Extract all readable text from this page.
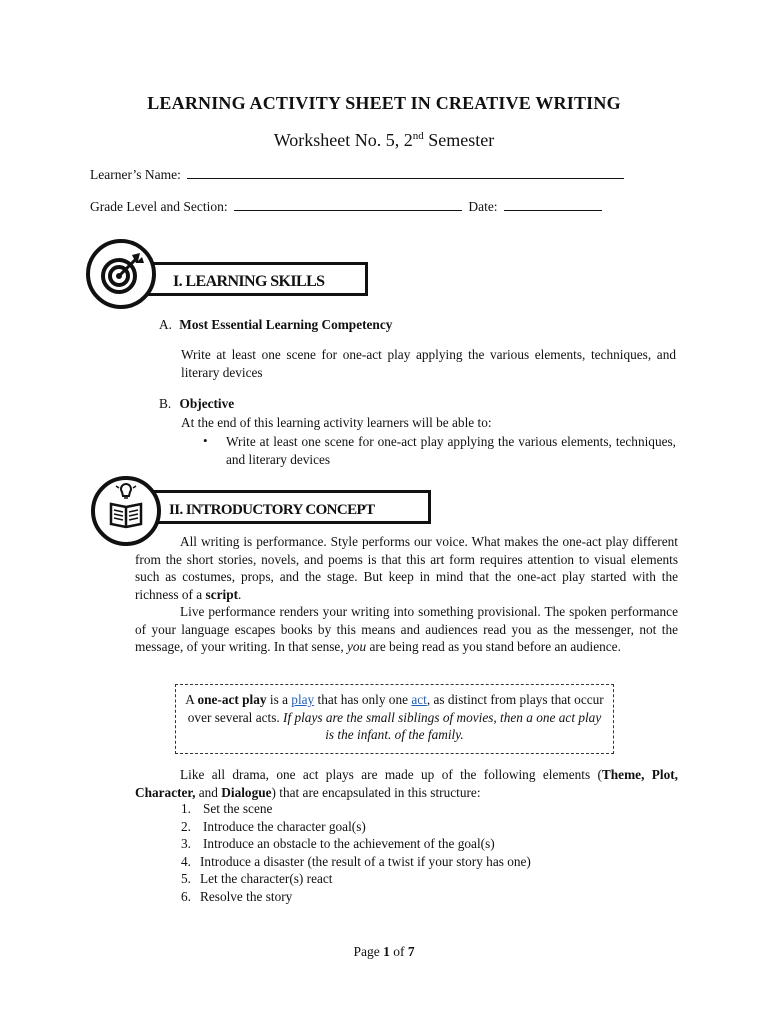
LEARNING ACTIVITY SHEET IN CREATIVE WRITING
Worksheet No. 5, 2nd Semester
Learner’s Name:
Grade Level and Section:	Date:
I. LEARNING SKILLS
A. Most Essential Learning Competency
Write at least one scene for one-act play applying the various elements, techniques, and literary devices
B. Objective
At the end of this learning activity learners will be able to:
• Write at least one scene for one-act play applying the various elements, techniques, and literary devices
II. INTRODUCTORY CONCEPT
All writing is performance. Style performs our voice. What makes the one-act play different from the short stories, novels, and poems is that this art form requires attention to visual elements such as costumes, props, and the stage. But keep in mind that the one-act play started with the richness of a script.
Live performance renders your writing into something provisional. The spoken performance of your language escapes books by this means and audiences read you as the messenger, not the message, of your writing. In that sense, you are being read as you stand before an audience.
A one-act play is a play that has only one act, as distinct from plays that occur over several acts. If plays are the small siblings of movies, then a one act play is the infant. of the family.
Like all drama, one act plays are made up of the following elements (Theme, Plot, Character, and Dialogue) that are encapsulated in this structure:
1. Set the scene
2. Introduce the character goal(s)
3. Introduce an obstacle to the achievement of the goal(s)
4. Introduce a disaster (the result of a twist if your story has one)
5. Let the character(s) react
6. Resolve the story
Page 1 of 7
